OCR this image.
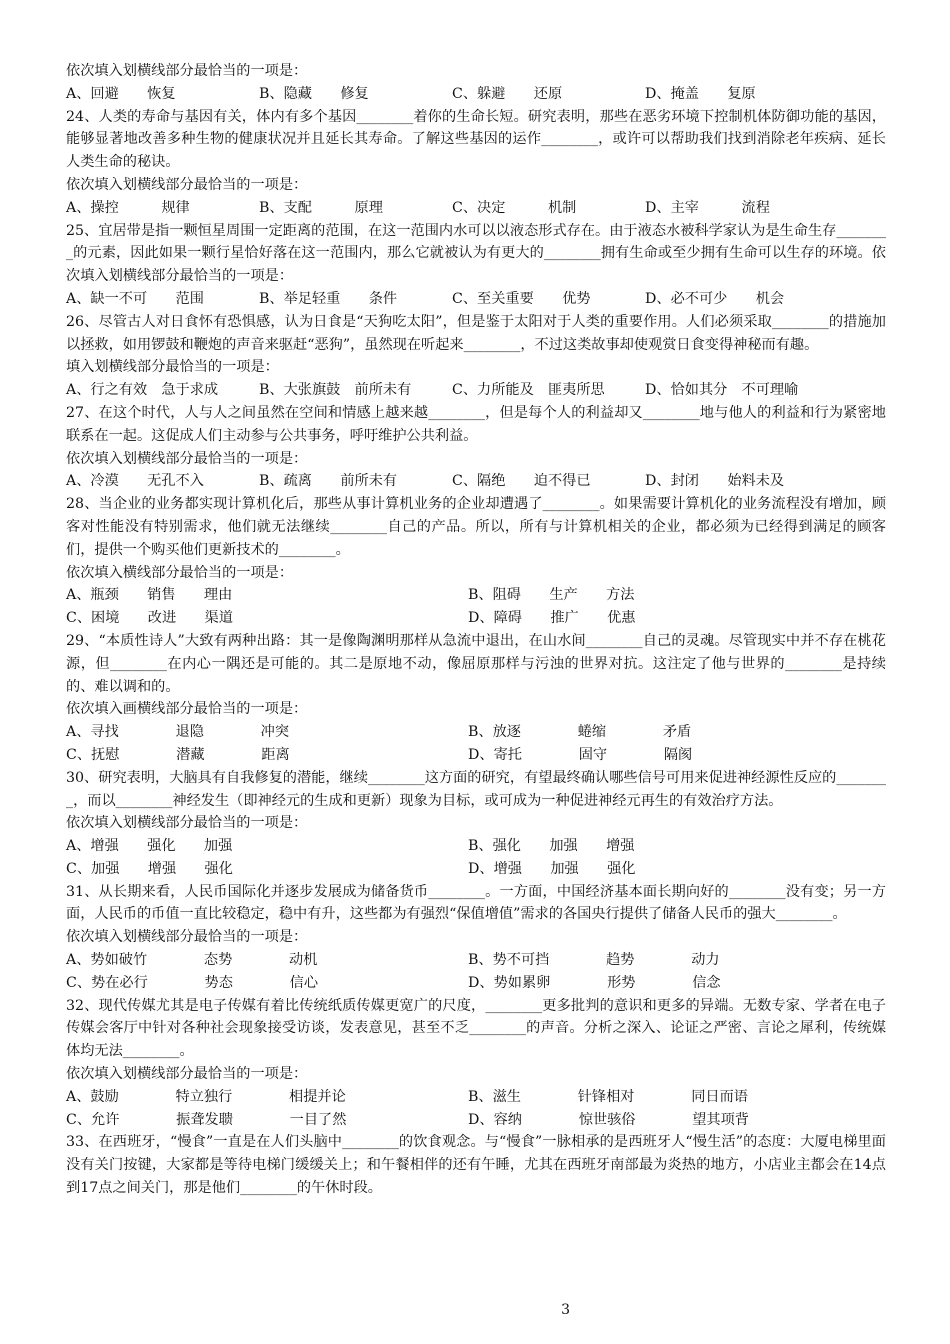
依次填入划横线部分最恰当的一项是：
A、回避　　恢复	B、隐藏　　修复	C、躲避　　还原	D、掩盖　　复原
24、人类的寿命与基因有关，体内有多个基因________着你的生命长短。研究表明，那些在恶劣环境下控制机体防御功能的基因，能够显著地改善多种生物的健康状况并且延长其寿命。了解这些基因的运作________，或许可以帮助我们找到消除老年疾病、延长人类生命的秘诀。
依次填入划横线部分最恰当的一项是：
A、操控　　　规律	B、支配　　　原理	C、决定　　　机制	D、主宰　　　流程
25、宜居带是指一颗恒星周围一定距离的范围，在这一范围内水可以以液态形式存在。由于液态水被科学家认为是生命生存________的元素，因此如果一颗行星恰好落在这一范围内，那么它就被认为有更大的________拥有生命或至少拥有生命可以生存的环境。依次填入划横线部分最恰当的一项是：
A、缺一不可　　范围	B、举足轻重　　条件	C、至关重要　　优势	D、必不可少　　机会
26、尽管古人对日食怀有恐惧感，认为日食是“天狗吃太阳”，但是鉴于太阳对于人类的重要作用。人们必须采取________的措施加以拯救，如用锣鼓和鞭炮的声音来驱赶“恶狗”，虽然现在听起来________，不过这类故事却使观赏日食变得神秘而有趣。
填入划横线部分最恰当的一项是：
A、行之有效　急于求成	B、大张旗鼓　前所未有	C、力所能及　匪夷所思	D、恰如其分　不可理喻
27、在这个时代，人与人之间虽然在空间和情感上越来越________，但是每个人的利益却又________地与他人的利益和行为紧密地联系在一起。这促成人们主动参与公共事务，呼吁维护公共利益。
依次填入划横线部分最恰当的一项是：
A、冷漠　　无孔不入	B、疏离　　前所未有	C、隔绝　　迫不得已	D、封闭　　始料未及
28、当企业的业务都实现计算机化后，那些从事计算机业务的企业却遭遇了________。如果需要计算机化的业务流程没有增加，顾客对性能没有特别需求，他们就无法继续________自己的产品。所以，所有与计算机相关的企业，都必须为已经得到满足的顾客们，提供一个购买他们更新技术的________。
依次填入横线部分最恰当的一项是：
A、瓶颈　　销售　　理由	B、阻碍　　生产　　方法
C、困境　　改进　　渠道	D、障碍　　推广　　优惠
29、“本质性诗人”大致有两种出路：其一是像陶渊明那样从急流中退出，在山水间________自己的灵魂。尽管现实中并不存在桃花源，但________在内心一隅还是可能的。其二是原地不动，像屈原那样与污浊的世界对抗。这注定了他与世界的________是持续的、难以调和的。
依次填入画横线部分最恰当的一项是：
A、寻找　　　　退隐　　　　冲突	B、放逐　　　　蜷缩　　　　矛盾
C、抚慰　　　　潜藏　　　　距离	D、寄托　　　　固守　　　　隔阂
30、研究表明，大脑具有自我修复的潜能，继续________这方面的研究，有望最终确认哪些信号可用来促进神经源性反应的________，而以________神经发生（即神经元的生成和更新）现象为目标，或可成为一种促进神经元再生的有效治疗方法。
依次填入划横线部分最恰当的一项是：
A、增强　　强化　　加强	B、强化　　加强　　增强
C、加强　　增强　　强化	D、增强　　加强　　强化
31、从长期来看，人民币国际化并逐步发展成为储备货币________。一方面，中国经济基本面长期向好的________没有变；另一方面，人民币的币值一直比较稳定，稳中有升，这些都为有强烈“保值增值”需求的各国央行提供了储备人民币的强大________。
依次填入划横线部分最恰当的一项是：
A、势如破竹　　　　态势　　　　动机	B、势不可挡　　　　趋势　　　　动力
C、势在必行　　　　势态　　　　信心	D、势如累卵　　　　形势　　　　信念
32、现代传媒尤其是电子传媒有着比传统纸质传媒更宽广的尺度，________更多批判的意识和更多的异端。无数专家、学者在电子传媒会客厅中针对各种社会现象接受访谈，发表意见，甚至不乏________的声音。分析之深入、论证之严密、言论之犀利，传统媒体均无法________。
依次填入划横线部分最恰当的一项是：
A、鼓励　　　　特立独行　　　　相提并论	B、滋生　　　　针锋相对　　　　同日而语
C、允许　　　　振聋发聩　　　　一目了然	D、容纳　　　　惊世骇俗　　　　望其项背
33、在西班牙，“慢食”一直是在人们头脑中________的饮食观念。与“慢食”一脉相承的是西班牙人“慢生活”的态度：大厦电梯里面没有关门按键，大家都是等待电梯门缓缓关上；和午餐相伴的还有午睡，尤其在西班牙南部最为炎热的地方，小店业主都会在14点到17点之间关门，那是他们________的午休时段。
3
